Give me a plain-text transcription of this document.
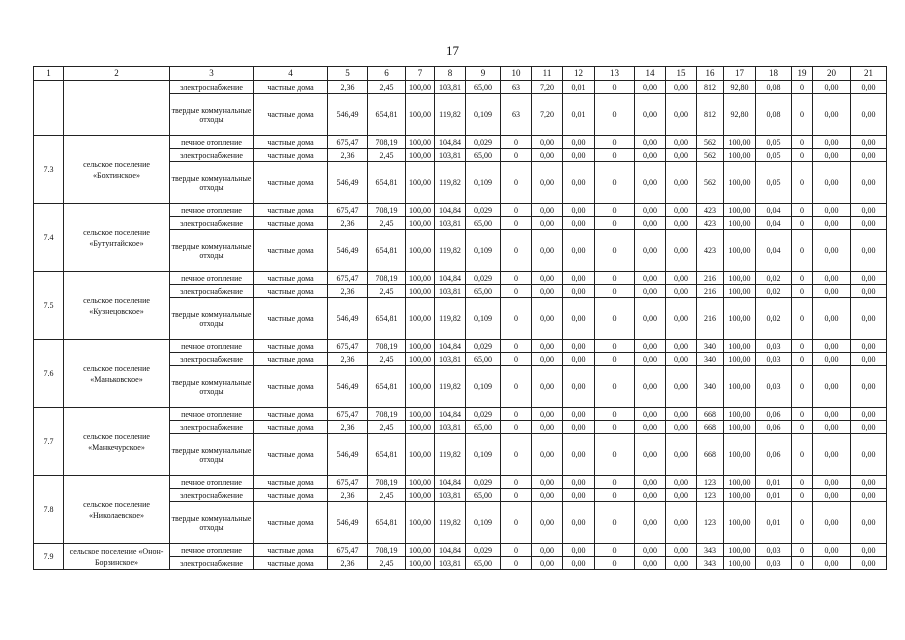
17
1	2	3	4	5	6	7	8	9	10	11	12	13	14	15	16	17	18	19	20	21
		электроснабжение	частные дома	2,36	2,45	100,00	103,81	65,00	63	7,20	0,01	0	0,00	0,00	812	92,80	0,08	0	0,00	0,00
		твердые коммунальные отходы	частные дома	546,49	654,81	100,00	119,82	0,109	63	7,20	0,01	0	0,00	0,00	812	92,80	0,08	0	0,00	0,00
7.3	сельское поселение «Бохтинское»	печное отопление	частные дома	675,47	708,19	100,00	104,84	0,029	0	0,00	0,00	0	0,00	0,00	562	100,00	0,05	0	0,00	0,00
		электроснабжение	частные дома	2,36	2,45	100,00	103,81	65,00	0	0,00	0,00	0	0,00	0,00	562	100,00	0,05	0	0,00	0,00
		твердые коммунальные отходы	частные дома	546,49	654,81	100,00	119,82	0,109	0	0,00	0,00	0	0,00	0,00	562	100,00	0,05	0	0,00	0,00
7.4	сельское поселение «Бутунтайское»	печное отопление	частные дома	675,47	708,19	100,00	104,84	0,029	0	0,00	0,00	0	0,00	0,00	423	100,00	0,04	0	0,00	0,00
		электроснабжение	частные дома	2,36	2,45	100,00	103,81	65,00	0	0,00	0,00	0	0,00	0,00	423	100,00	0,04	0	0,00	0,00
		твердые коммунальные отходы	частные дома	546,49	654,81	100,00	119,82	0,109	0	0,00	0,00	0	0,00	0,00	423	100,00	0,04	0	0,00	0,00
7.5	сельское поселение «Кузнецовское»	печное отопление	частные дома	675,47	708,19	100,00	104,84	0,029	0	0,00	0,00	0	0,00	0,00	216	100,00	0,02	0	0,00	0,00
		электроснабжение	частные дома	2,36	2,45	100,00	103,81	65,00	0	0,00	0,00	0	0,00	0,00	216	100,00	0,02	0	0,00	0,00
		твердые коммунальные отходы	частные дома	546,49	654,81	100,00	119,82	0,109	0	0,00	0,00	0	0,00	0,00	216	100,00	0,02	0	0,00	0,00
7.6	сельское поселение «Маньковское»	печное отопление	частные дома	675,47	708,19	100,00	104,84	0,029	0	0,00	0,00	0	0,00	0,00	340	100,00	0,03	0	0,00	0,00
		электроснабжение	частные дома	2,36	2,45	100,00	103,81	65,00	0	0,00	0,00	0	0,00	0,00	340	100,00	0,03	0	0,00	0,00
		твердые коммунальные отходы	частные дома	546,49	654,81	100,00	119,82	0,109	0	0,00	0,00	0	0,00	0,00	340	100,00	0,03	0	0,00	0,00
7.7	сельское поселение «Манкечурское»	печное отопление	частные дома	675,47	708,19	100,00	104,84	0,029	0	0,00	0,00	0	0,00	0,00	668	100,00	0,06	0	0,00	0,00
		электроснабжение	частные дома	2,36	2,45	100,00	103,81	65,00	0	0,00	0,00	0	0,00	0,00	668	100,00	0,06	0	0,00	0,00
		твердые коммунальные отходы	частные дома	546,49	654,81	100,00	119,82	0,109	0	0,00	0,00	0	0,00	0,00	668	100,00	0,06	0	0,00	0,00
7.8	сельское поселение «Николаевское»	печное отопление	частные дома	675,47	708,19	100,00	104,84	0,029	0	0,00	0,00	0	0,00	0,00	123	100,00	0,01	0	0,00	0,00
		электроснабжение	частные дома	2,36	2,45	100,00	103,81	65,00	0	0,00	0,00	0	0,00	0,00	123	100,00	0,01	0	0,00	0,00
		твердые коммунальные отходы	частные дома	546,49	654,81	100,00	119,82	0,109	0	0,00	0,00	0	0,00	0,00	123	100,00	0,01	0	0,00	0,00
7.9	сельское поселение «Онон-Борзинское»	печное отопление	частные дома	675,47	708,19	100,00	104,84	0,029	0	0,00	0,00	0	0,00	0,00	343	100,00	0,03	0	0,00	0,00
		электроснабжение	частные дома	2,36	2,45	100,00	103,81	65,00	0	0,00	0,00	0	0,00	0,00	343	100,00	0,03	0	0,00	0,00
